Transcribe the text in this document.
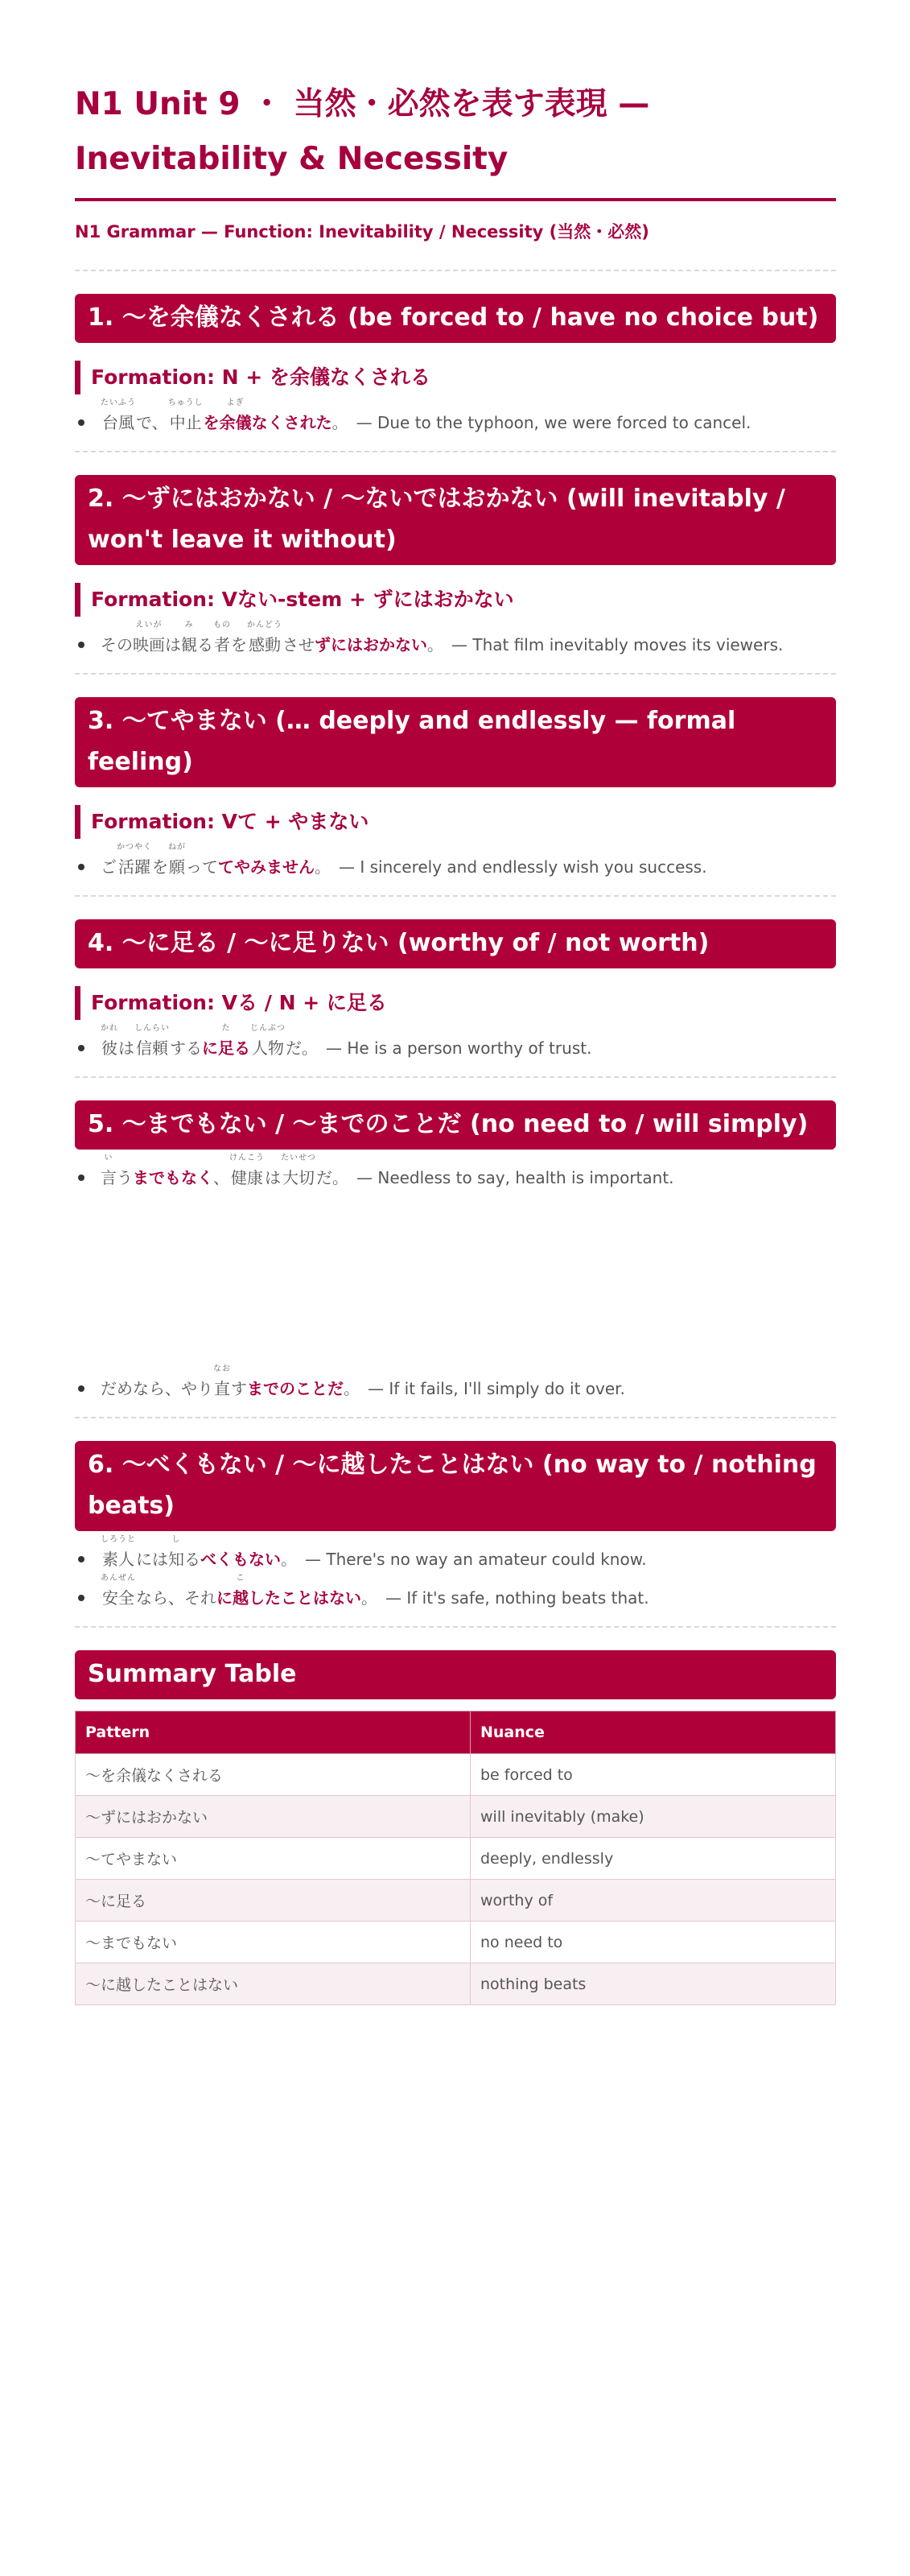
N1 Unit 9 ・ 当然・必然を表す表現 — Inevitability & Necessity
N1 Grammar — Function: Inevitability / Necessity (当然・必然)
1. 〜を余儀なくされる (be forced to / have no choice but)
Formation: N + を余儀なくされる
たいふう
台風 で、
ちゅうし
中止 を
よぎ
余儀 なくされた 。 — Due to the typhoon, we were forced to cancel.
2. 〜ずにはおかない / 〜ないではおかない (will inevitably / won't leave it without)
Formation: Vない-stem + ずにはおかない
その
えいが
映画 は
み
観 る
もの
者 を
かんどう
感動 させ ずにはおかない 。 — That film inevitably moves its viewers.
3. 〜てやまない (… deeply and endlessly — formal feeling)
Formation: Vて + やまない
ご
かつやく
活躍 を
ねが
願 って てやみません 。 — I sincerely and endlessly wish you success.
4. 〜に足る / 〜に足りない (worthy of / not worth)
Formation: Vる / N + に足る
かれ
彼 は
しんらい
信頼 する に
た
足 る
じんぶつ
人物 だ。 — He is a person worthy of trust.
5. 〜までもない / 〜までのことだ (no need to / will simply)
い
言 う までもなく 、
けんこう
健康 は
たいせつ
大切 だ。 — Needless to say, health is important.
だめなら、やり
なお
直 す までのことだ 。 — If it fails, I'll simply do it over.
6. 〜べくもない / 〜に越したことはない (no way to / nothing beats)
しろうと
素人 には
し
知 る べくもない 。 — There's no way an amateur could know.
あんぜん
安全 なら、それ に
こ
越 したことはない 。 — If it's safe, nothing beats that.
Summary Table
Pattern	Nuance
〜を余儀なくされる	be forced to
〜ずにはおかない	will inevitably (make)
〜てやまない	deeply, endlessly
〜に足る	worthy of
〜までもない	no need to
〜に越したことはない	nothing beats
